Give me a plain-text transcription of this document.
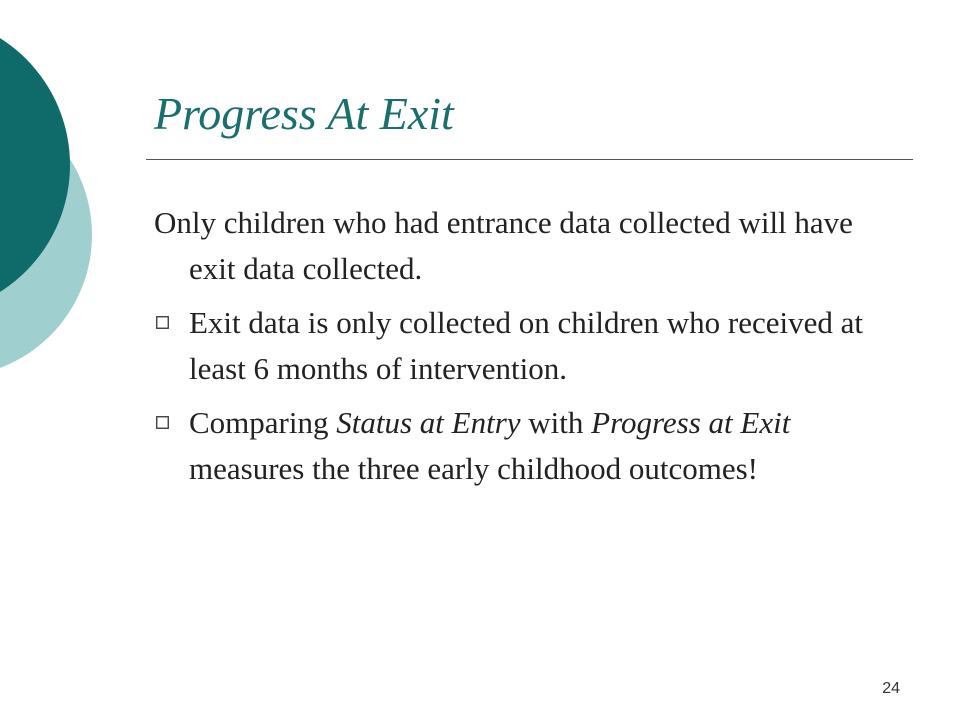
Progress At Exit

Only children who had entrance data collected will have exit data collected.

Exit data is only collected on children who received at least 6 months of intervention.
Comparing Status at Entry with Progress at Exit measures the three early childhood outcomes!
24
